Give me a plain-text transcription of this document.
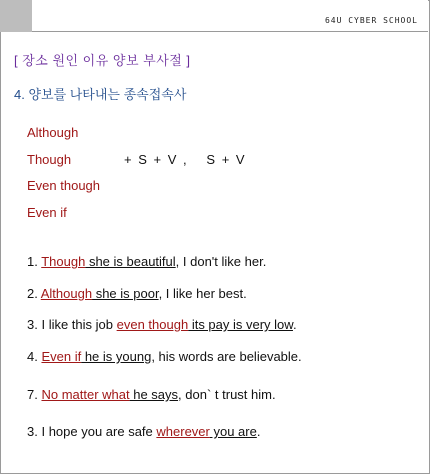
64U CYBER SCHOOL
[ 장소 원인 이유 양보 부사절 ]
4. 양보를 나타내는 종속접속사
Although
Though
Even though
Even if
+ S + V ,   S + V
1. Though she is beautiful, I don't like her.
2. Although she is poor, I like her best.
3. I like this job even though its pay is very low.
4. Even if he is young, his words are believable.
7. No matter what he says, don` t trust him.
3. I hope you are safe wherever you are.
